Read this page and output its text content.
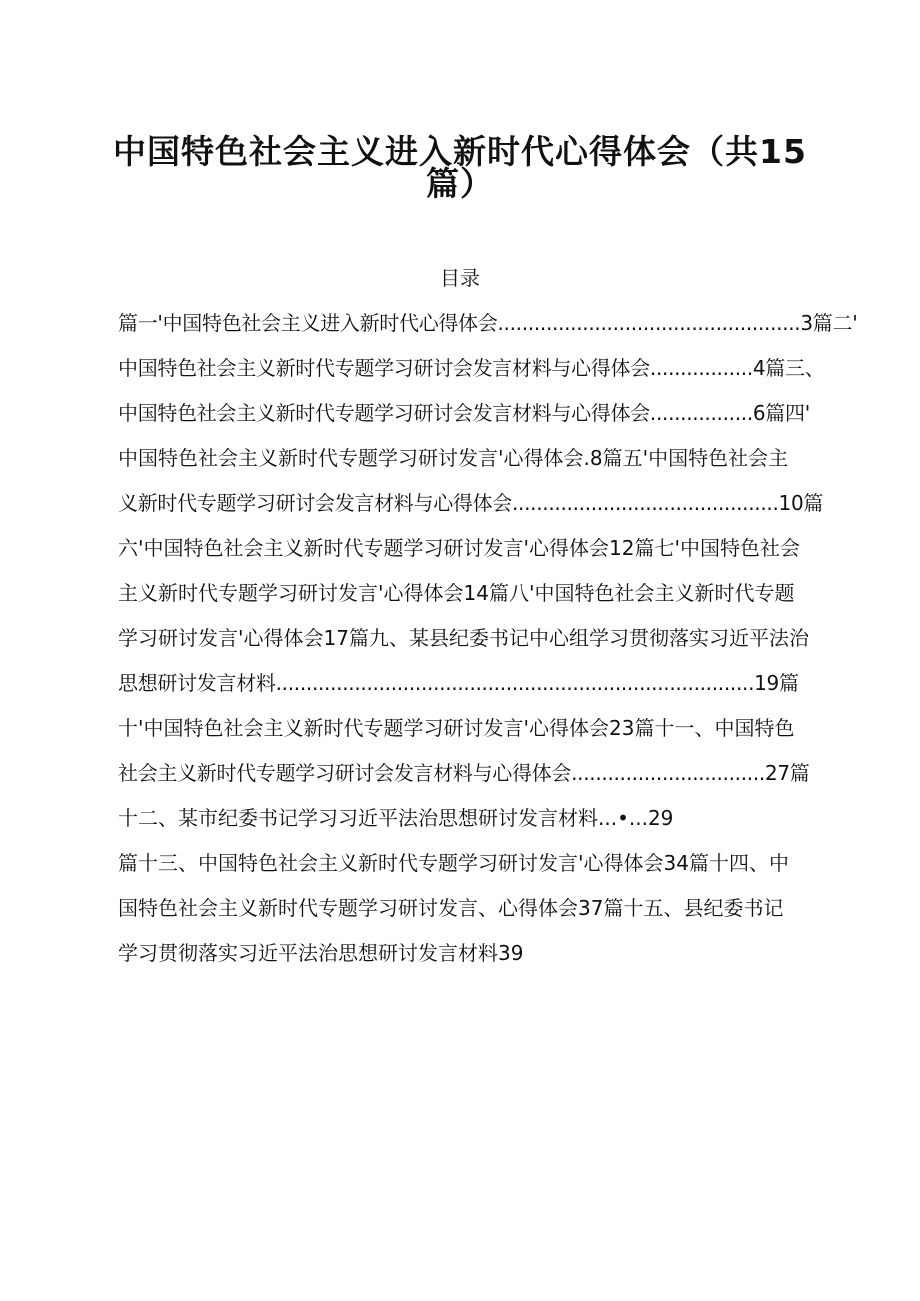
中国特色社会主义进入新时代心得体会（共15
篇）
目录
篇一'中国特色社会主义进入新时代心得体会..................................................3篇二'
中国特色社会主义新时代专题学习研讨会发言材料与心得体会.................4篇三、
中国特色社会主义新时代专题学习研讨会发言材料与心得体会.................6篇四'
中国特色社会主义新时代专题学习研讨发言'心得体会.8篇五'中国特色社会主
义新时代专题学习研讨会发言材料与心得体会............................................10篇
六'中国特色社会主义新时代专题学习研讨发言'心得体会12篇七'中国特色社会
主义新时代专题学习研讨发言'心得体会14篇八'中国特色社会主义新时代专题
学习研讨发言'心得体会17篇九、某县纪委书记中心组学习贯彻落实习近平法治
思想研讨发言材料...............................................................................19篇
十'中国特色社会主义新时代专题学习研讨发言'心得体会23篇十一、中国特色
社会主义新时代专题学习研讨会发言材料与心得体会................................27篇
十二、某市纪委书记学习习近平法治思想研讨发言材料...•...29
篇十三、中国特色社会主义新时代专题学习研讨发言'心得体会34篇十四、中
国特色社会主义新时代专题学习研讨发言、心得体会37篇十五、县纪委书记
学习贯彻落实习近平法治思想研讨发言材料39
